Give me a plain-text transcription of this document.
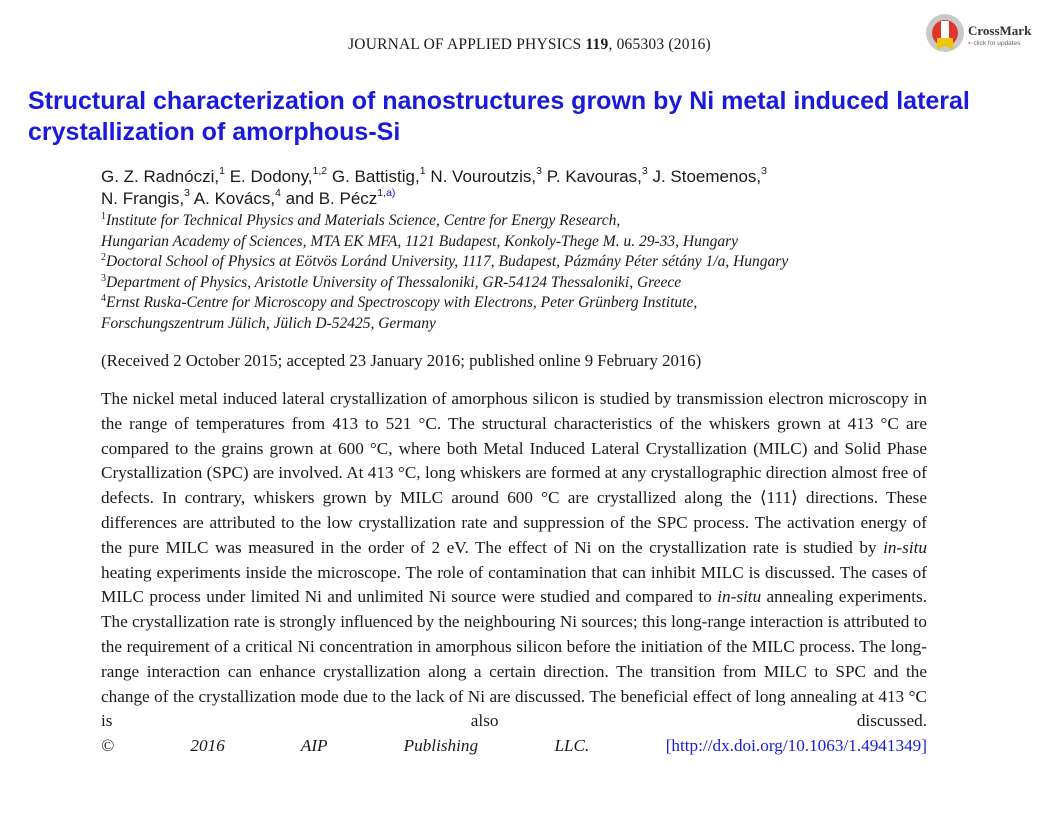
JOURNAL OF APPLIED PHYSICS 119, 065303 (2016)
CrossMark
⇠click for updates
Structural characterization of nanostructures grown by Ni metal induced lateral crystallization of amorphous-Si

G. Z. Radnóczi,$^1$ E. Dodony,$^{1,2}$ G. Battistig,$^1$ N. Vouroutzis,$^3$ P. Kavouras,$^3$ J. Stoemenos,$^3$
N. Frangis,$^3$ A. Kovács,$^4$ and B. Pécz$^{1,a)}$

$^1$Institute for Technical Physics and Materials Science, Centre for Energy Research,
Hungarian Academy of Sciences, MTA EK MFA, 1121 Budapest, Konkoly-Thege M. u. 29-33, Hungary
$^2$Doctoral School of Physics at Eötvös Loránd University, 1117, Budapest, Pázmány Péter sétány 1/a, Hungary
$^3$Department of Physics, Aristotle University of Thessaloniki, GR-54124 Thessaloniki, Greece
$^4$Ernst Ruska-Centre for Microscopy and Spectroscopy with Electrons, Peter Grünberg Institute,
Forschungszentrum Jülich, Jülich D-52425, Germany
(Received 2 October 2015; accepted 23 January 2016; published online 9 February 2016)

The nickel metal induced lateral crystallization of amorphous silicon is studied by transmission electron microscopy in the range of temperatures from 413 to 521 °C. The structural characteristics of the whiskers grown at 413 °C are compared to the grains grown at 600 °C, where both Metal Induced Lateral Crystallization (MILC) and Solid Phase Crystallization (SPC) are involved. At 413 °C, long whiskers are formed at any crystallographic direction almost free of defects. In contrary, whiskers grown by MILC around 600 °C are crystallized along the ⟨111⟩ directions. These differences are attributed to the low crystallization rate and suppression of the SPC process. The activation energy of the pure MILC was measured in the order of 2 eV. The effect of Ni on the crystallization rate is studied by in-situ heating experiments inside the microscope. The role of contamination that can inhibit MILC is discussed. The cases of MILC process under limited Ni and unlimited Ni source were studied and compared to in-situ annealing experiments. The crystallization rate is strongly influenced by the neighbouring Ni sources; this long-range interaction is attributed to the requirement of a critical Ni concentration in amorphous silicon before the initiation of the MILC process. The long-range interaction can enhance crystallization along a certain direction. The transition from MILC to SPC and the change of the crystallization mode due to the lack of Ni are discussed. The beneficial effect of long annealing at 413 °C is also discussed.
© 2016 AIP Publishing LLC.	[http://dx.doi.org/10.1063/1.4941349]
